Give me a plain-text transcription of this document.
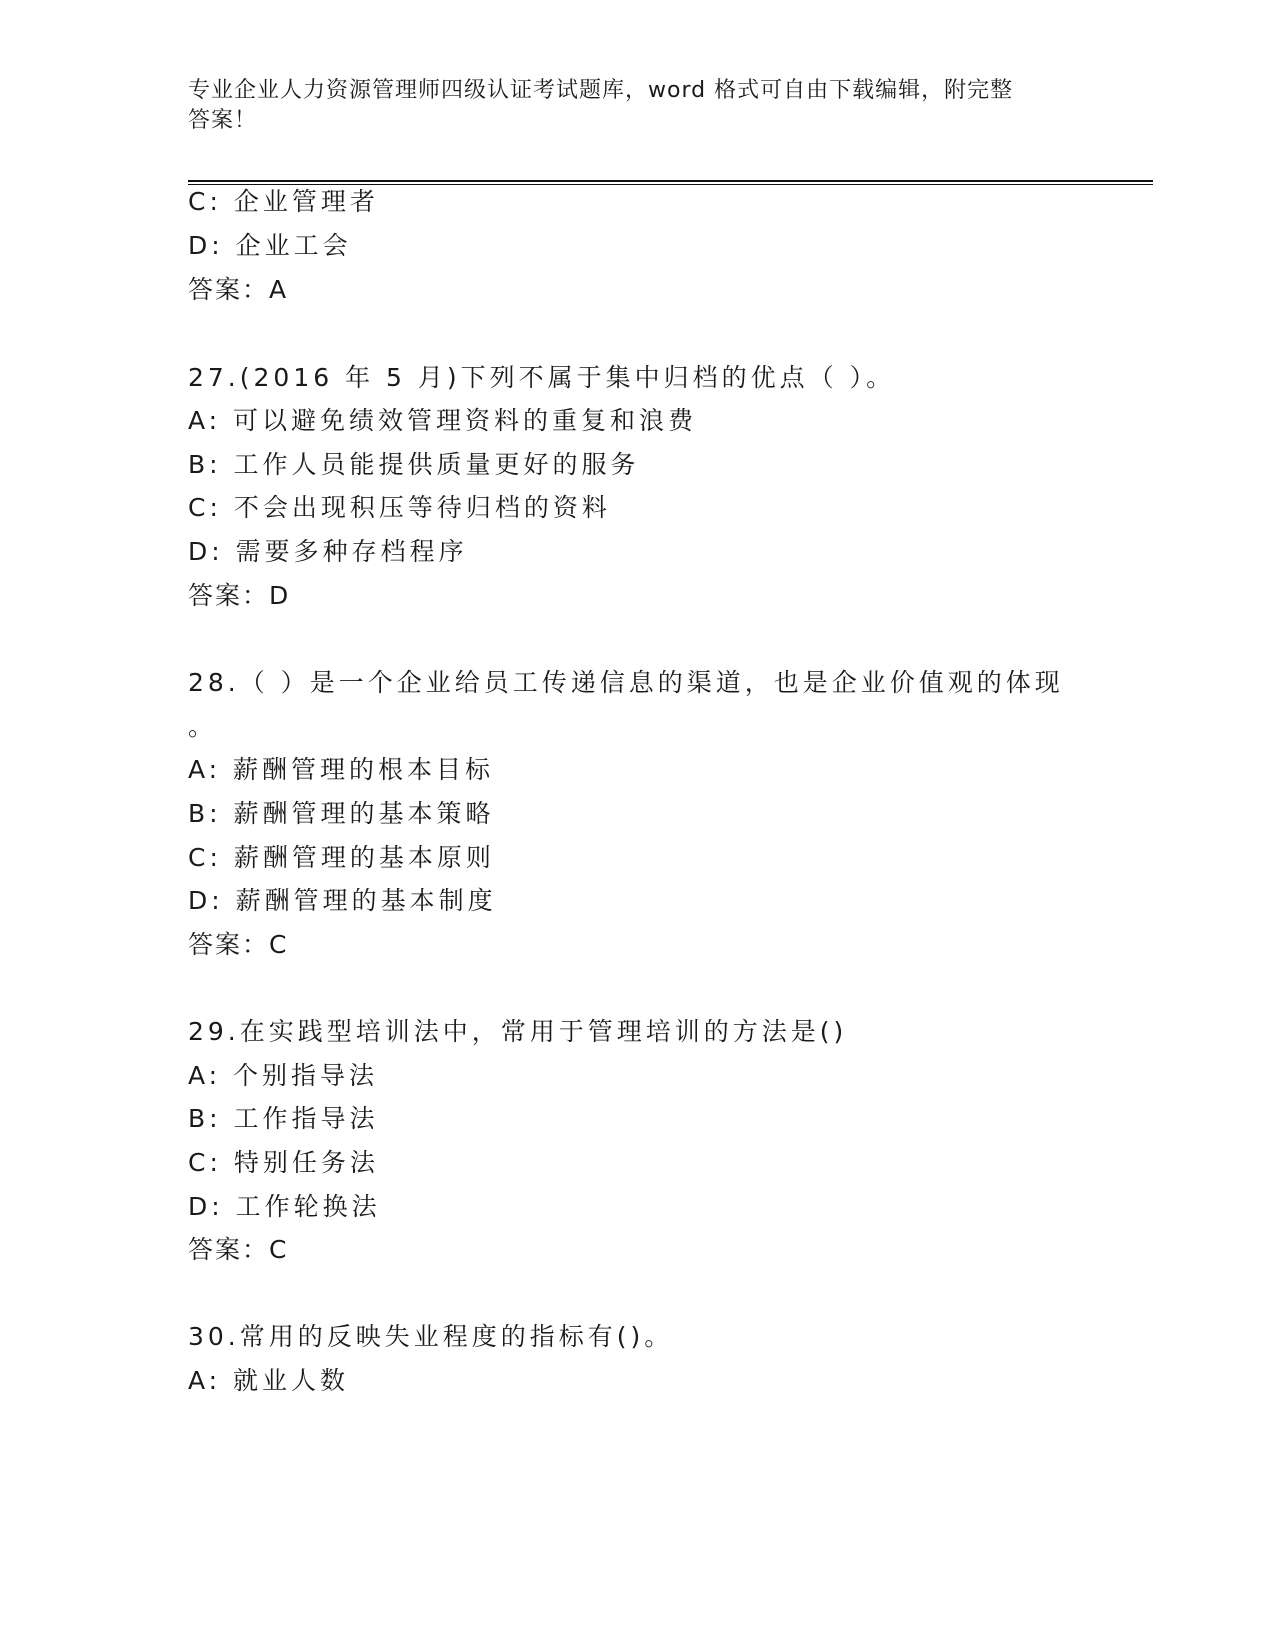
专业企业人力资源管理师四级认证考试题库，word 格式可自由下载编辑，附完整
答案！
C: 企业管理者
D: 企业工会
答案：A
27.(2016 年 5 月)下列不属于集中归档的优点（ ）。
A: 可以避免绩效管理资料的重复和浪费
B: 工作人员能提供质量更好的服务
C: 不会出现积压等待归档的资料
D: 需要多种存档程序
答案：D
28.（ ）是一个企业给员工传递信息的渠道，也是企业价值观的体现
。
A: 薪酬管理的根本目标
B: 薪酬管理的基本策略
C: 薪酬管理的基本原则
D: 薪酬管理的基本制度
答案：C
29.在实践型培训法中，常用于管理培训的方法是()
A: 个别指导法
B: 工作指导法
C: 特别任务法
D: 工作轮换法
答案：C
30.常用的反映失业程度的指标有()。
A: 就业人数
